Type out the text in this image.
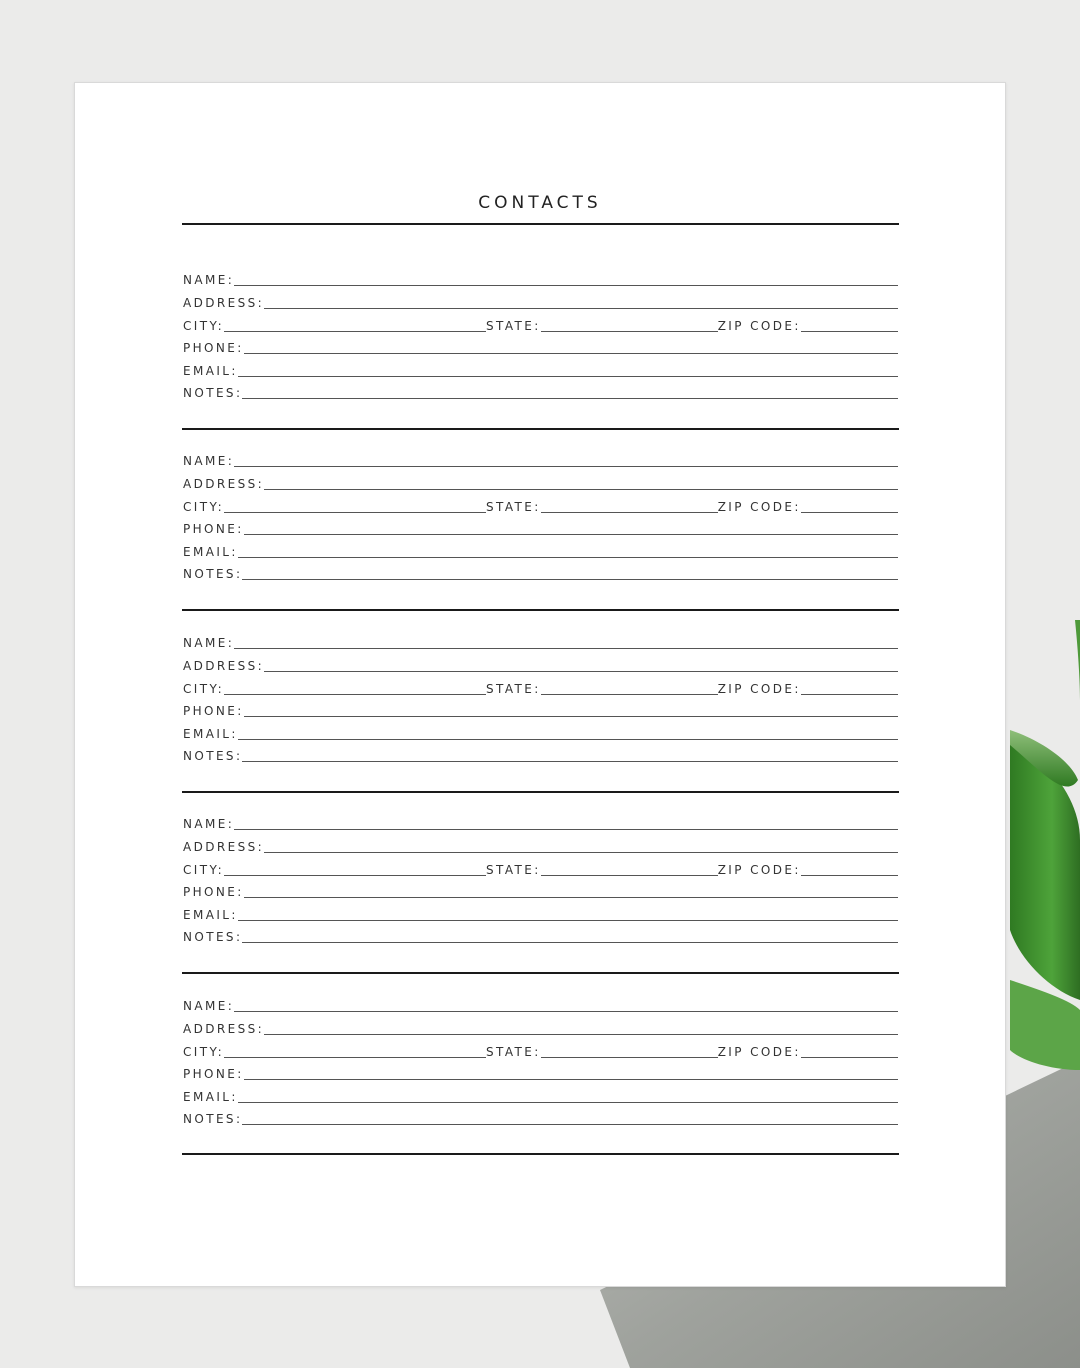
CONTACTS
NAME:
ADDRESS:
CITY:	STATE:	ZIP CODE:
PHONE:
EMAIL:
NOTES:
NAME:
ADDRESS:
CITY:	STATE:	ZIP CODE:
PHONE:
EMAIL:
NOTES:
NAME:
ADDRESS:
CITY:	STATE:	ZIP CODE:
PHONE:
EMAIL:
NOTES:
NAME:
ADDRESS:
CITY:	STATE:	ZIP CODE:
PHONE:
EMAIL:
NOTES:
NAME:
ADDRESS:
CITY:	STATE:	ZIP CODE:
PHONE:
EMAIL:
NOTES:
